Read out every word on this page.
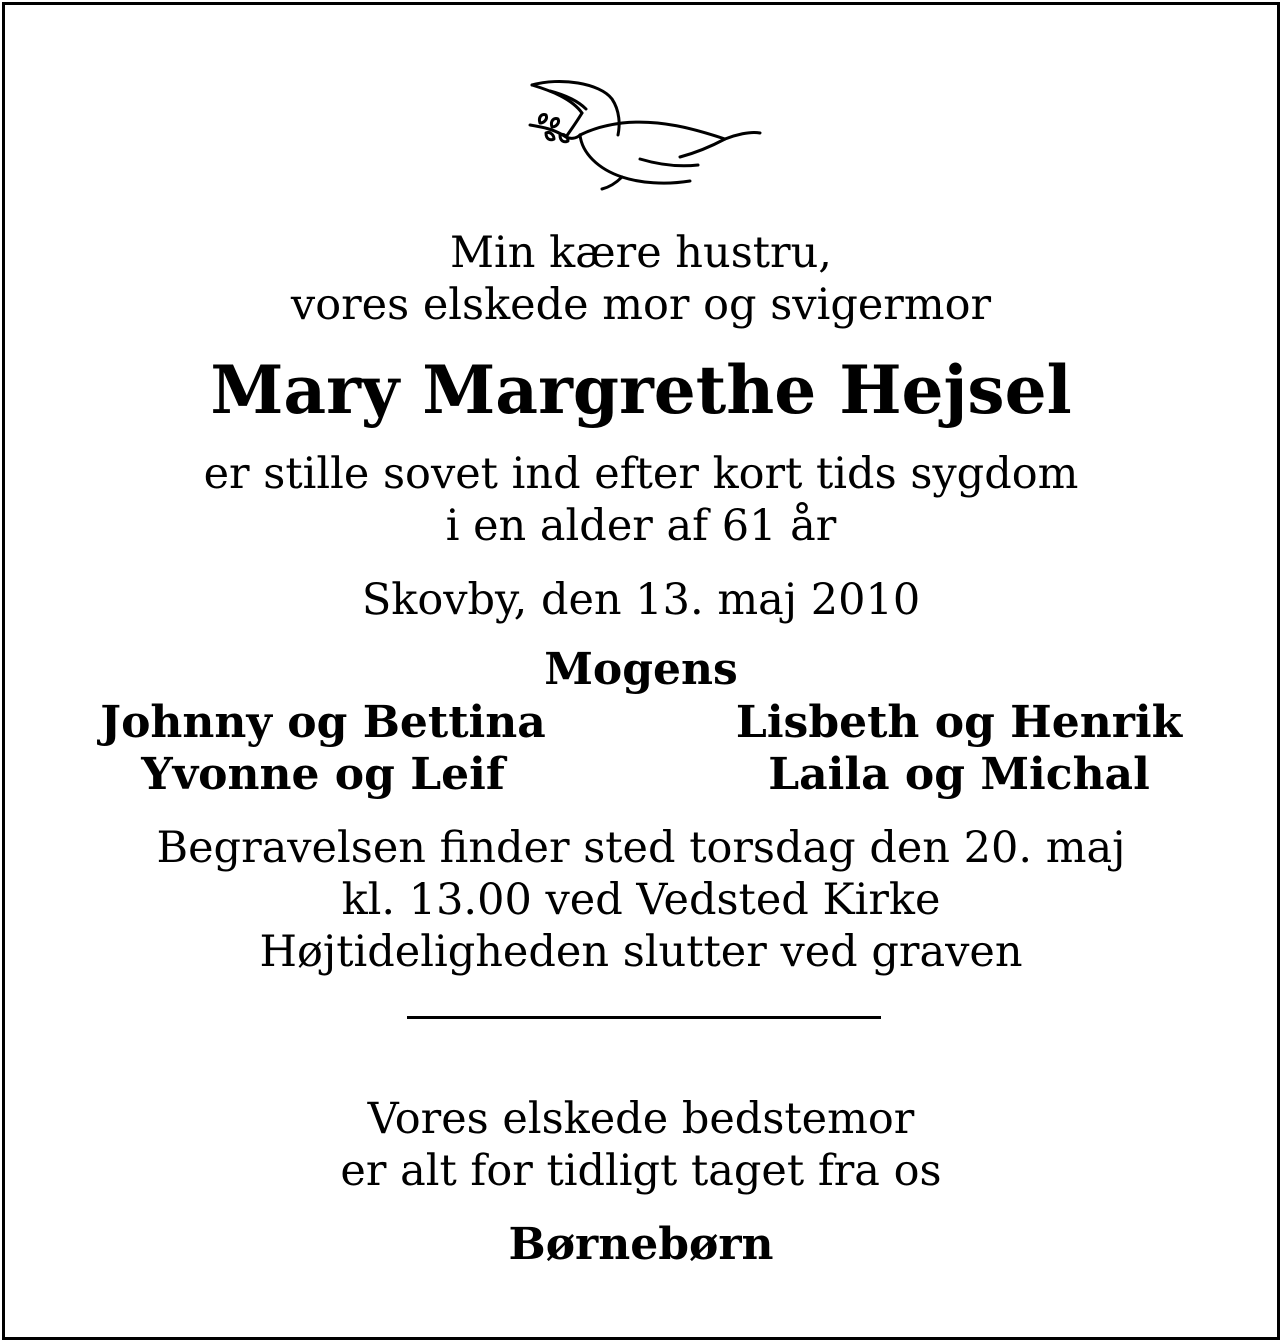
Min kære hustru,
vores elskede mor og svigermor
Mary Margrethe Hejsel
er stille sovet ind efter kort tids sygdom
i en alder af 61 år
Skovby, den 13. maj 2010
Mogens
Johnny og Bettina	Lisbeth og Henrik
Yvonne og Leif	Laila og Michal
Begravelsen finder sted torsdag den 20. maj
kl. 13.00 ved Vedsted Kirke
Højtideligheden slutter ved graven
Vores elskede bedstemor
er alt for tidligt taget fra os
Børnebørn
